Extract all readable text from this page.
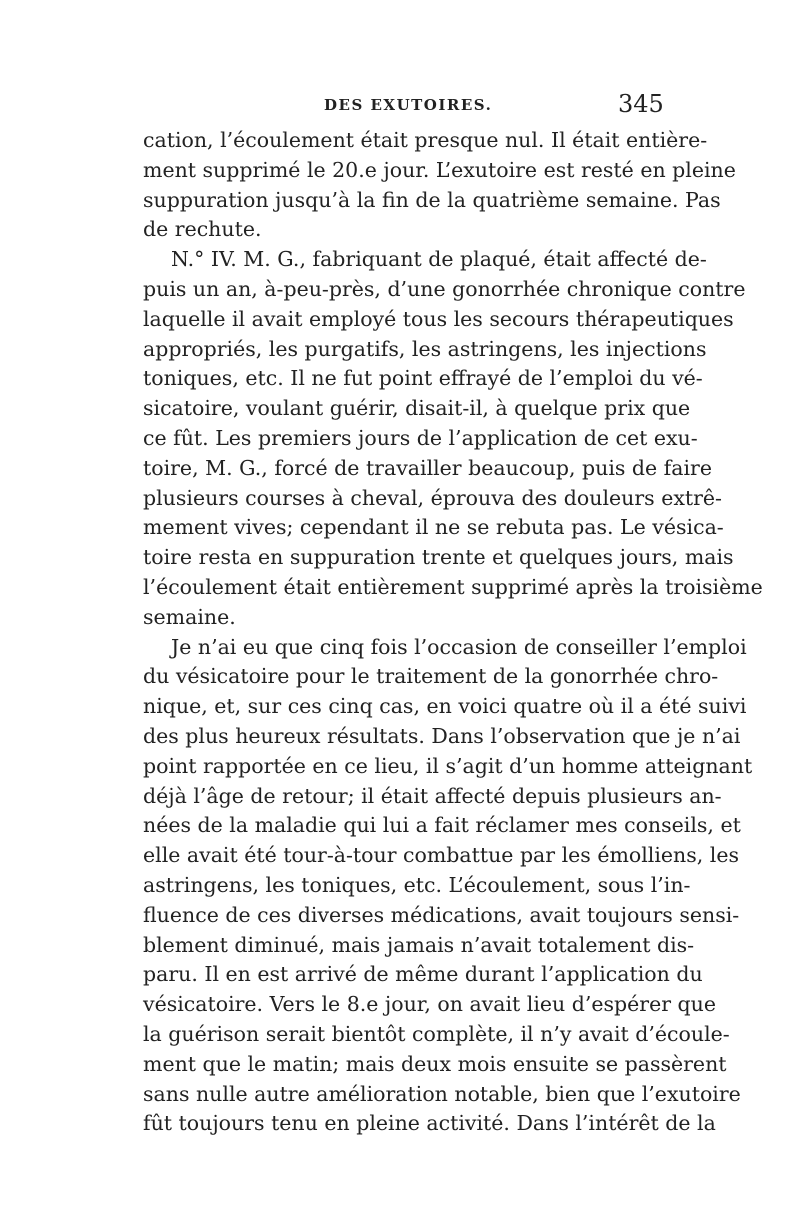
DES EXUTOIRES.	345
cation, l’écoulement était presque nul. Il était entière-
ment supprimé le 20.e jour. L’exutoire est resté en pleine
suppuration jusqu’à la fin de la quatrième semaine. Pas
de rechute.
N.° IV. M. G., fabriquant de plaqué, était affecté de-
puis un an, à-peu-près, d’une gonorrhée chronique contre
laquelle il avait employé tous les secours thérapeutiques
appropriés, les purgatifs, les astringens, les injections
toniques, etc. Il ne fut point effrayé de l’emploi du vé-
sicatoire, voulant guérir, disait-il, à quelque prix que
ce fût. Les premiers jours de l’application de cet exu-
toire, M. G., forcé de travailler beaucoup, puis de faire
plusieurs courses à cheval, éprouva des douleurs extrê-
mement vives; cependant il ne se rebuta pas. Le vésica-
toire resta en suppuration trente et quelques jours, mais
l’écoulement était entièrement supprimé après la troisième
semaine.
Je n’ai eu que cinq fois l’occasion de conseiller l’emploi
du vésicatoire pour le traitement de la gonorrhée chro-
nique, et, sur ces cinq cas, en voici quatre où il a été suivi
des plus heureux résultats. Dans l’observation que je n’ai
point rapportée en ce lieu, il s’agit d’un homme atteignant
déjà l’âge de retour; il était affecté depuis plusieurs an-
nées de la maladie qui lui a fait réclamer mes conseils, et
elle avait été tour-à-tour combattue par les émolliens, les
astringens, les toniques, etc. L’écoulement, sous l’in-
fluence de ces diverses médications, avait toujours sensi-
blement diminué, mais jamais n’avait totalement dis-
paru. Il en est arrivé de même durant l’application du
vésicatoire. Vers le 8.e jour, on avait lieu d’espérer que
la guérison serait bientôt complète, il n’y avait d’écoule-
ment que le matin; mais deux mois ensuite se passèrent
sans nulle autre amélioration notable, bien que l’exutoire
fût toujours tenu en pleine activité. Dans l’intérêt de la
